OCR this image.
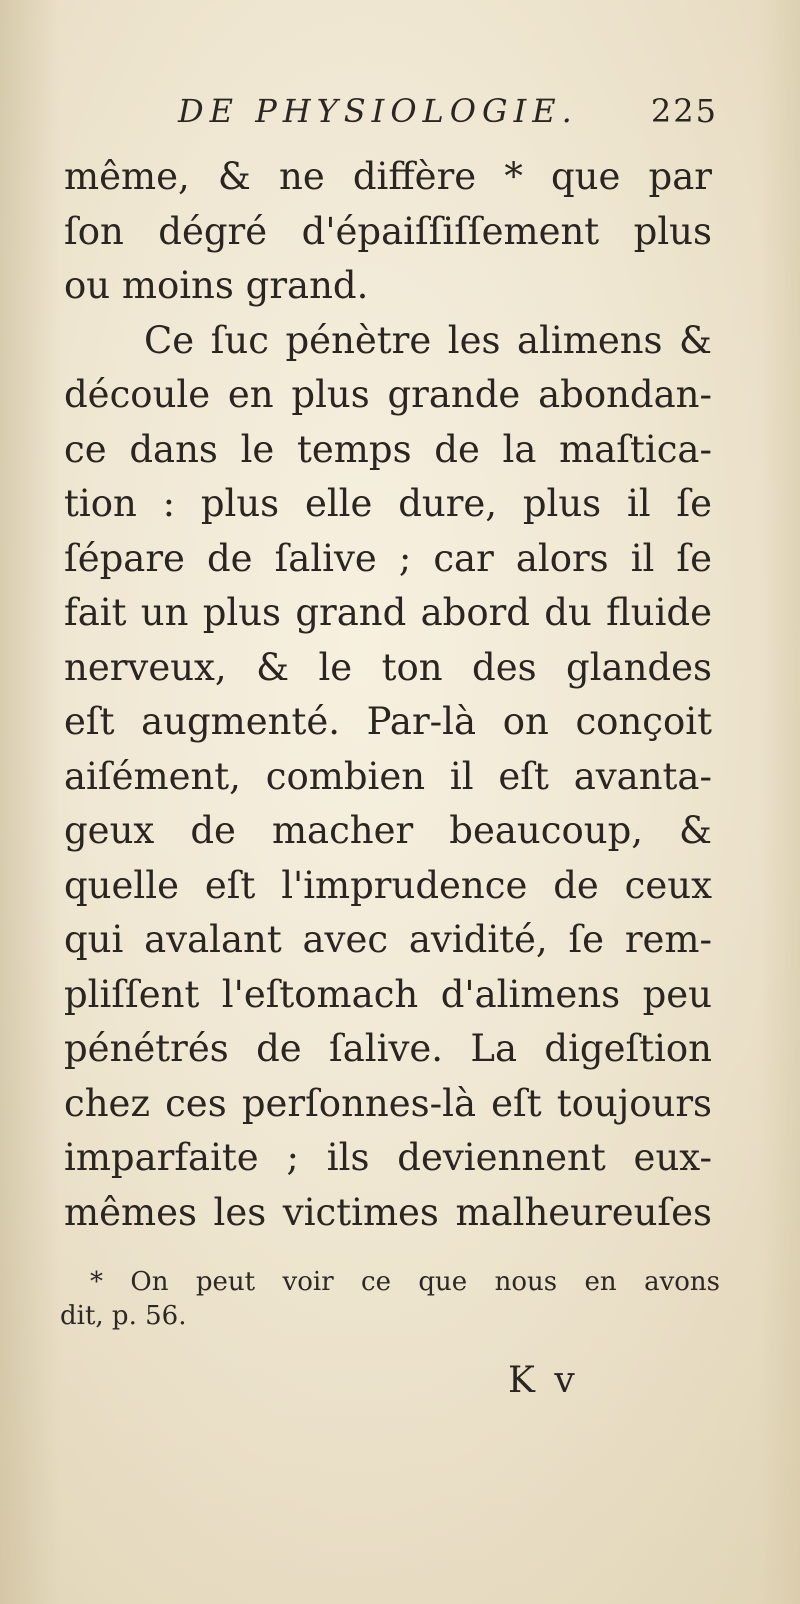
DE PHYSIOLOGIE. 225
même, & ne diffère * que par
ſon dégré d'épaiſſiſſement plus
ou moins grand.
Ce ſuc pénètre les alimens &
découle en plus grande abondan-
ce dans le temps de la maſtica-
tion : plus elle dure, plus il ſe
ſépare de ſalive ; car alors il ſe
fait un plus grand abord du fluide
nerveux, & le ton des glandes
eſt augmenté. Par-là on conçoit
aiſément, combien il eſt avanta-
geux de macher beaucoup, &
quelle eſt l'imprudence de ceux
qui avalant avec avidité, ſe rem-
pliſſent l'eſtomach d'alimens peu
pénétrés de ſalive. La digeſtion
chez ces perſonnes-là eſt toujours
imparfaite ; ils deviennent eux-
mêmes les victimes malheureuſes
* On peut voir ce que nous en avons
dit, p. 56.
K v
